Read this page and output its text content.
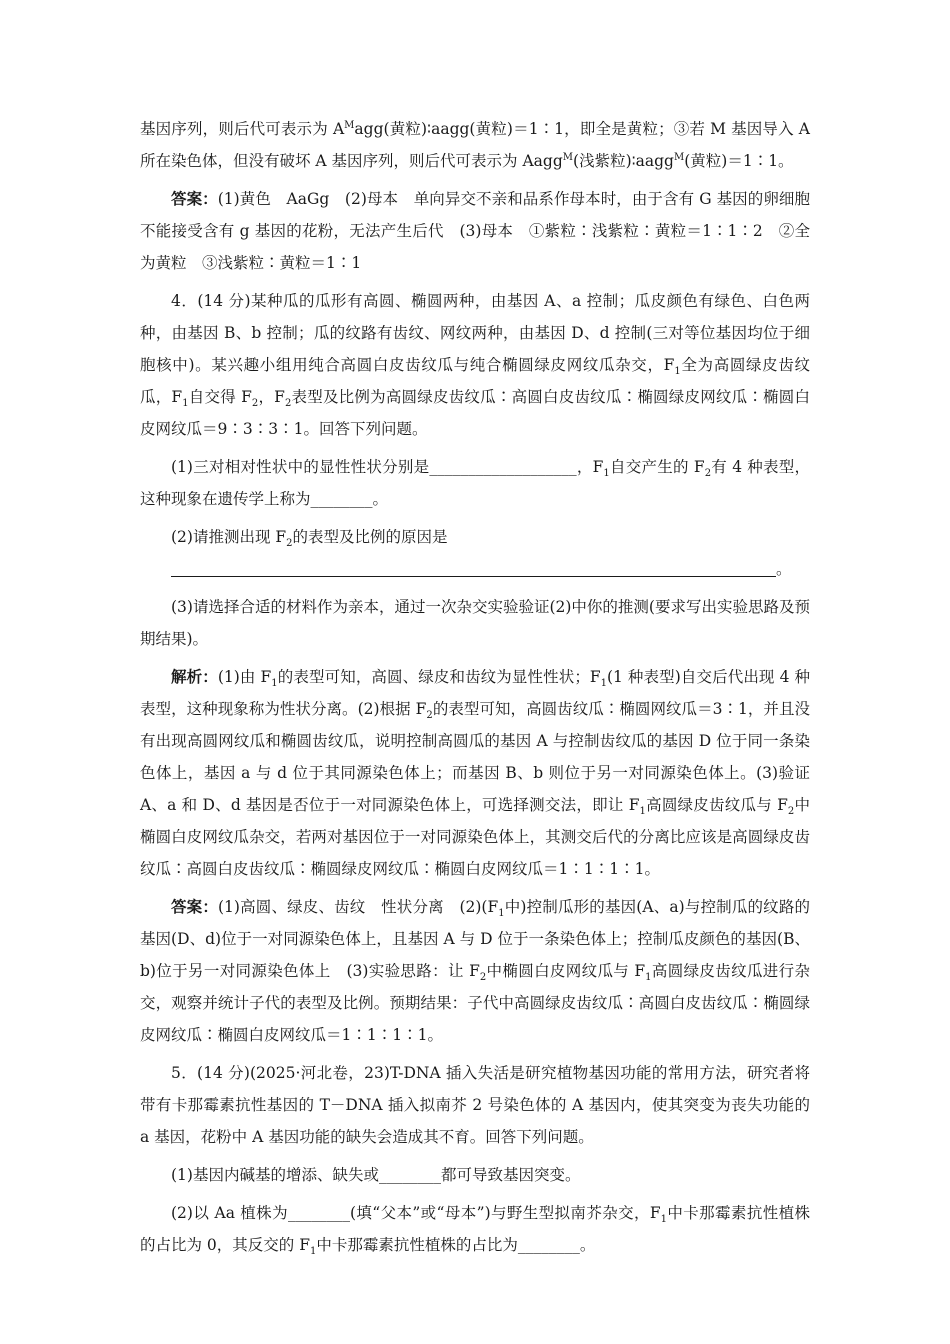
基因序列，则后代可表示为 $A^Magg$(黄粒)∶aagg(黄粒)＝1∶1，即全是黄粒；③若 M 基因导入 A 所在染色体，但没有破坏 A 基因序列，则后代可表示为 Aagg$^M$(浅紫粒)∶aagg$^M$(黄粒)＝1∶1。

答案：(1)黄色　AaGg　(2)母本　单向异交不亲和品系作母本时，由于含有 G 基因的卵细胞不能接受含有 g 基因的花粉，无法产生后代　(3)母本　①紫粒∶浅紫粒∶黄粒＝1∶1∶2　②全为黄粒　③浅紫粒∶黄粒＝1∶1

4．(14 分)某种瓜的瓜形有高圆、椭圆两种，由基因 A、a 控制；瓜皮颜色有绿色、白色两种，由基因 B、b 控制；瓜的纹路有齿纹、网纹两种，由基因 D、d 控制(三对等位基因均位于细胞核中)。某兴趣小组用纯合高圆白皮齿纹瓜与纯合椭圆绿皮网纹瓜杂交，$F_1$全为高圆绿皮齿纹瓜，$F_1$自交得 $F_2$，$F_2$表型及比例为高圆绿皮齿纹瓜∶高圆白皮齿纹瓜∶椭圆绿皮网纹瓜∶椭圆白皮网纹瓜＝9∶3∶3∶1。回答下列问题。

(1)三对相对性状中的显性性状分别是___________________，$F_1$自交产生的 $F_2$有 4 种表型，这种现象在遗传学上称为________。

(2)请推测出现 $F_2$的表型及比例的原因是

。

(3)请选择合适的材料作为亲本，通过一次杂交实验验证(2)中你的推测(要求写出实验思路及预期结果)。

解析：(1)由 $F_1$的表型可知，高圆、绿皮和齿纹为显性性状；$F_1(1$ 种表型)自交后代出现 4 种表型，这种现象称为性状分离。(2)根据 $F_2$的表型可知，高圆齿纹瓜∶椭圆网纹瓜＝3∶1，并且没有出现高圆网纹瓜和椭圆齿纹瓜，说明控制高圆瓜的基因 A 与控制齿纹瓜的基因 D 位于同一条染色体上，基因 a 与 d 位于其同源染色体上；而基因 B、b 则位于另一对同源染色体上。(3)验证 A、a 和 D、d 基因是否位于一对同源染色体上，可选择测交法，即让 $F_1$高圆绿皮齿纹瓜与 $F_2$中椭圆白皮网纹瓜杂交，若两对基因位于一对同源染色体上，其测交后代的分离比应该是高圆绿皮齿纹瓜∶高圆白皮齿纹瓜∶椭圆绿皮网纹瓜∶椭圆白皮网纹瓜＝1∶1∶1∶1。

答案：(1)高圆、绿皮、齿纹　性状分离　$(2)(F_1$中)控制瓜形的基因(A、a)与控制瓜的纹路的基因(D、d)位于一对同源染色体上，且基因 A 与 D 位于一条染色体上；控制瓜皮颜色的基因(B、b)位于另一对同源染色体上　(3)实验思路：让 $F_2$中椭圆白皮网纹瓜与 $F_1$高圆绿皮齿纹瓜进行杂交，观察并统计子代的表型及比例。预期结果：子代中高圆绿皮齿纹瓜∶高圆白皮齿纹瓜∶椭圆绿皮网纹瓜∶椭圆白皮网纹瓜＝1∶1∶1∶1。

5．(14 分)(2025·河北卷，23)T-DNA 插入失活是研究植物基因功能的常用方法，研究者将带有卡那霉素抗性基因的 T－DNA 插入拟南芥 2 号染色体的 A 基因内，使其突变为丧失功能的 a 基因，花粉中 A 基因功能的缺失会造成其不育。回答下列问题。

(1)基因内碱基的增添、缺失或________都可导致基因突变。

(2)以 Aa 植株为________(填“父本”或“母本”)与野生型拟南芥杂交，$F_1$中卡那霉素抗性植株的占比为 0，其反交的 $F_1$中卡那霉素抗性植株的占比为________。
